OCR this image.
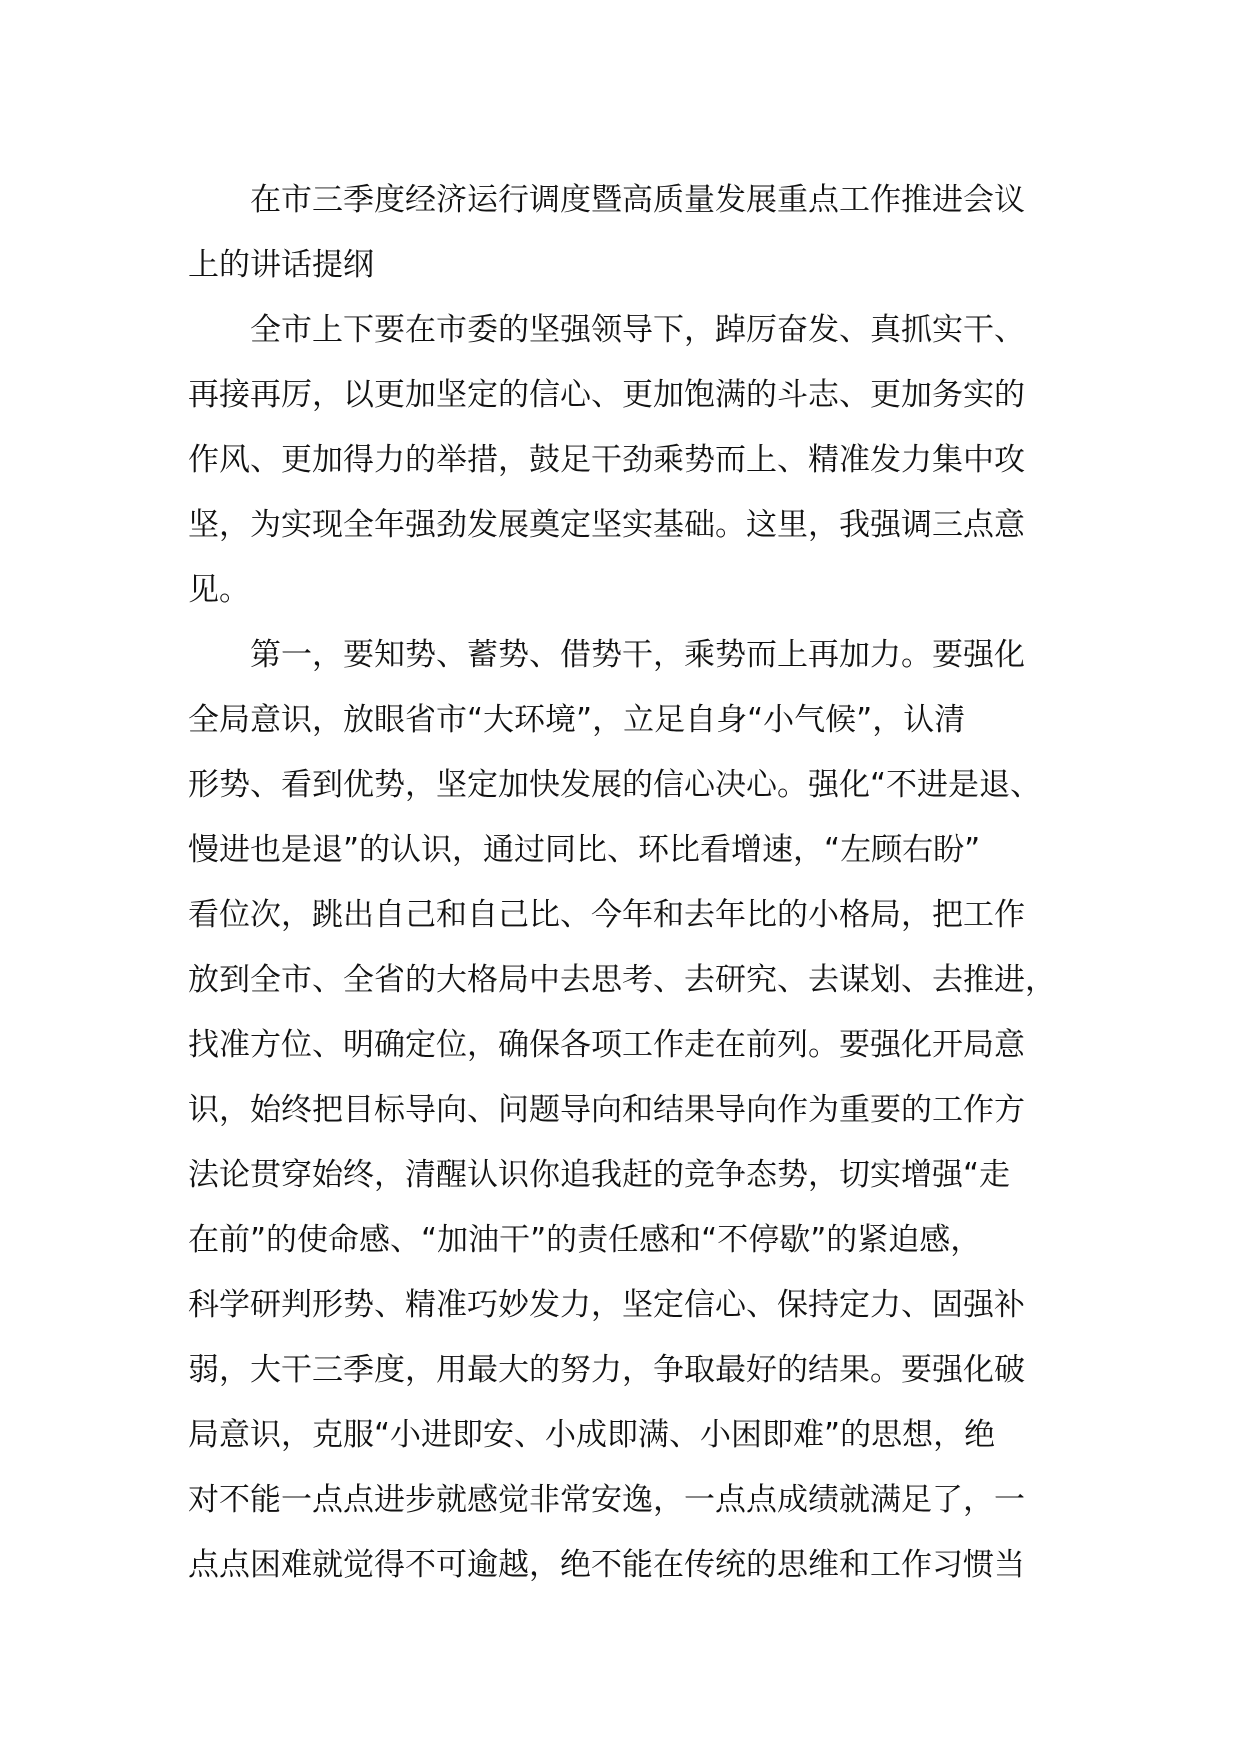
在市三季度经济运行调度暨高质量发展重点工作推进会议
上的讲话提纲
全市上下要在市委的坚强领导下，踔厉奋发、真抓实干、
再接再厉，以更加坚定的信心、更加饱满的斗志、更加务实的
作风、更加得力的举措，鼓足干劲乘势而上、精准发力集中攻
坚，为实现全年强劲发展奠定坚实基础。这里，我强调三点意
见。
第一，要知势、蓄势、借势干，乘势而上再加力。要强化
全局意识，放眼省市“大环境”，立足自身“小气候”，认清
形势、看到优势，坚定加快发展的信心决心。强化“不进是退、
慢进也是退”的认识，通过同比、环比看增速，“左顾右盼”
看位次，跳出自己和自己比、今年和去年比的小格局，把工作
放到全市、全省的大格局中去思考、去研究、去谋划、去推进，
找准方位、明确定位，确保各项工作走在前列。要强化开局意
识，始终把目标导向、问题导向和结果导向作为重要的工作方
法论贯穿始终，清醒认识你追我赶的竞争态势，切实增强“走
在前”的使命感、“加油干”的责任感和“不停歇”的紧迫感，
科学研判形势、精准巧妙发力，坚定信心、保持定力、固强补
弱，大干三季度，用最大的努力，争取最好的结果。要强化破
局意识，克服“小进即安、小成即满、小困即难”的思想，绝
对不能一点点进步就感觉非常安逸，一点点成绩就满足了，一
点点困难就觉得不可逾越，绝不能在传统的思维和工作习惯当
